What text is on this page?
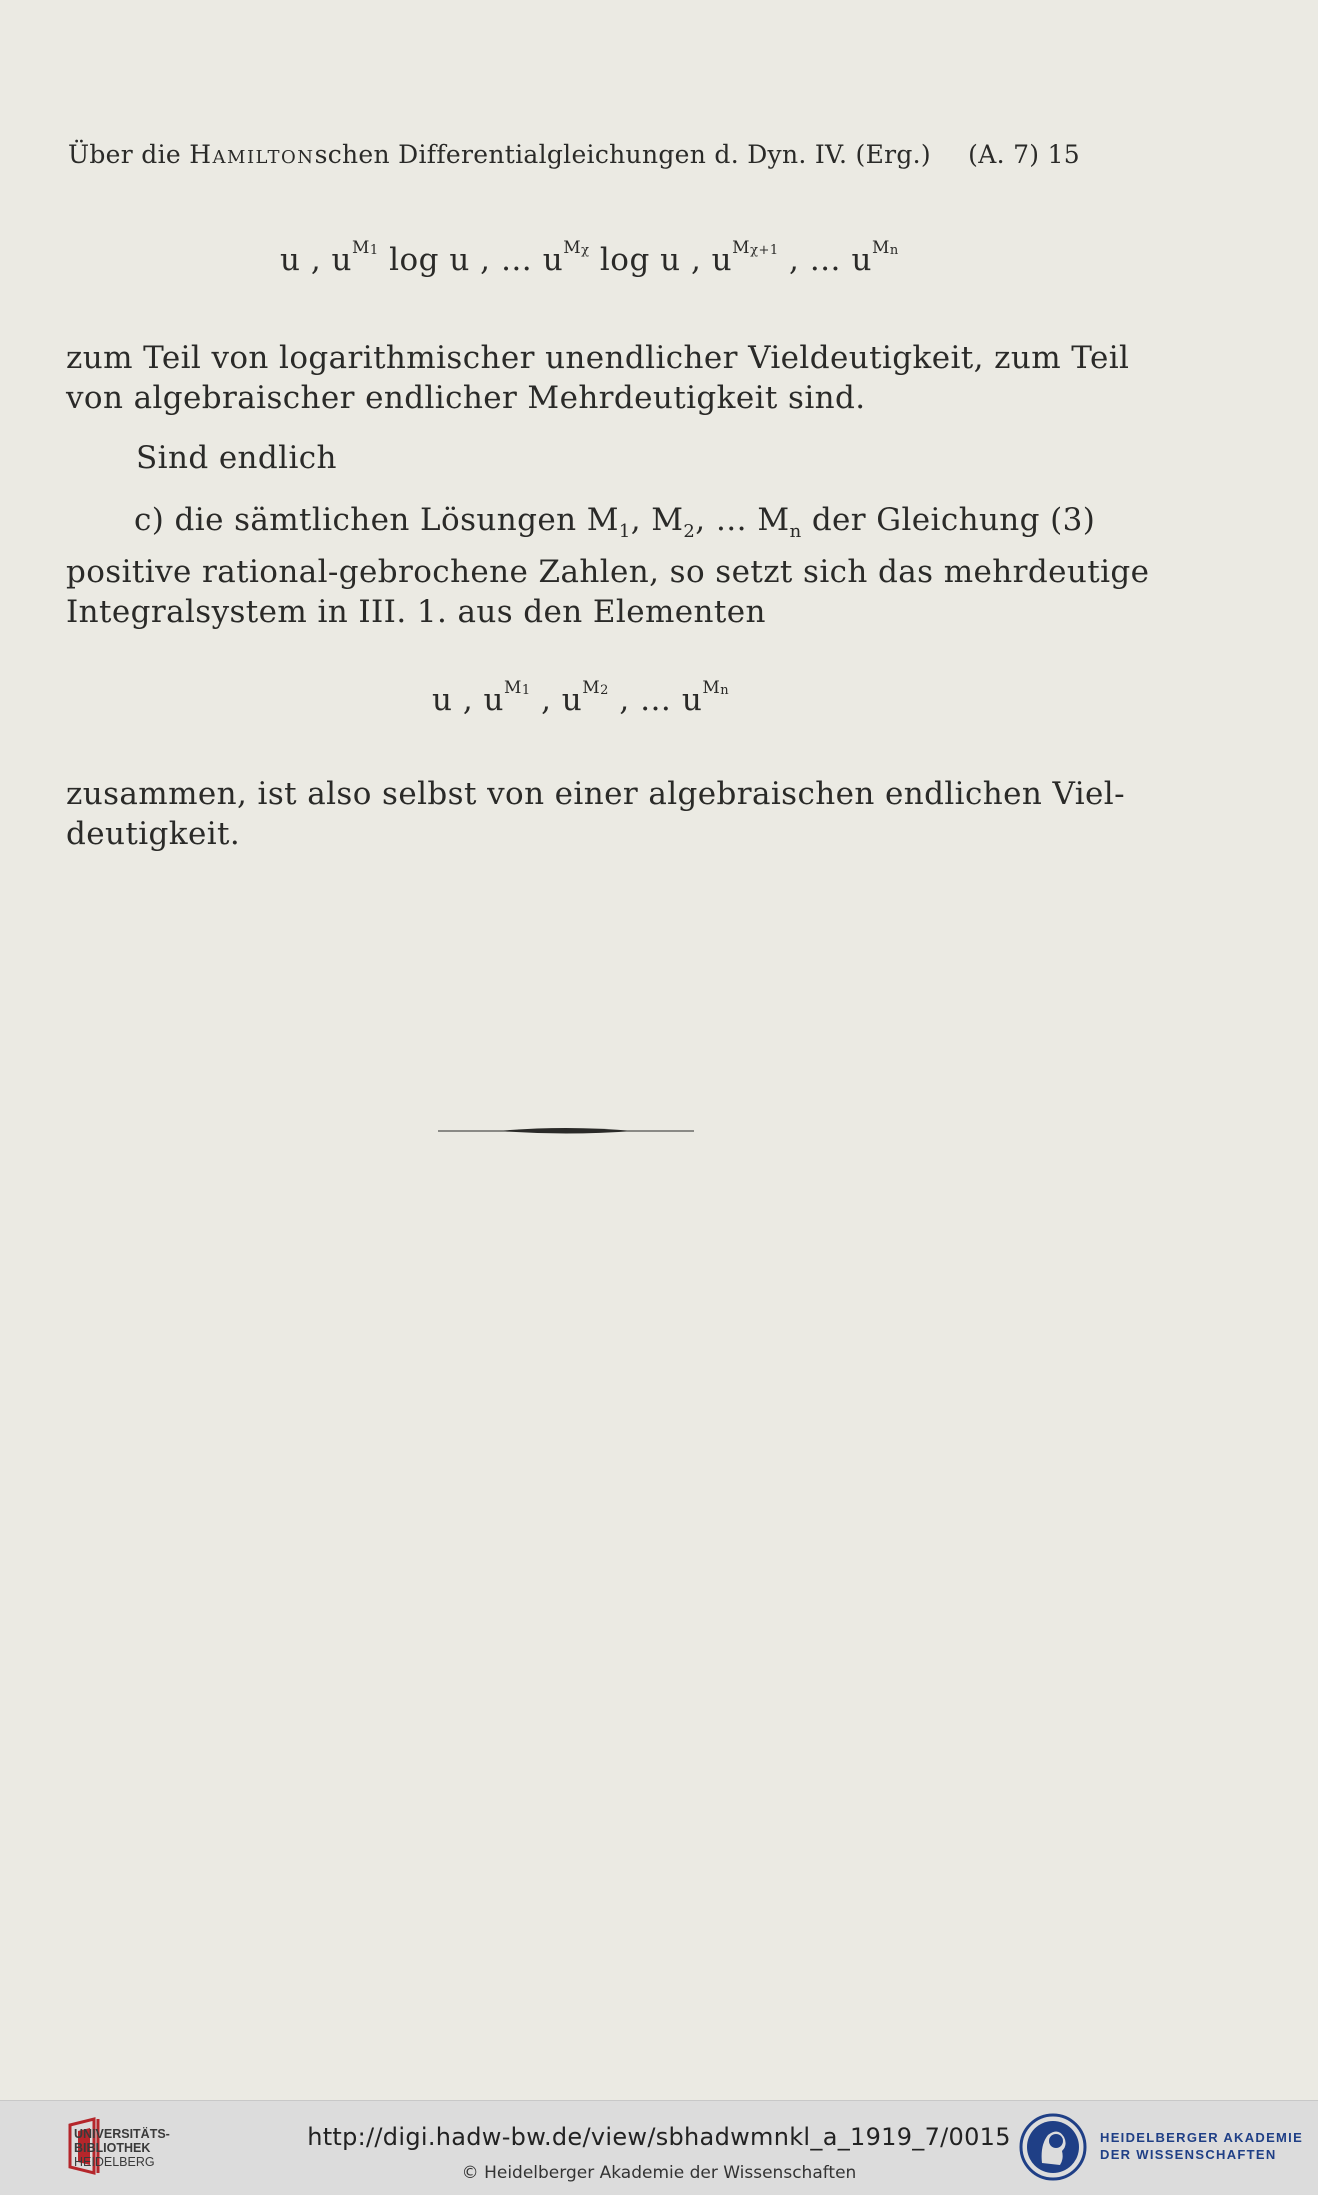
Über die Hamiltonschen Differentialgleichungen d. Dyn. IV. (Erg.) (A. 7) 15
u , $u^{M_1}$ log u , … $u^{M_\chi}$ log u , $u^{M_{\chi+1}}$ , … $u^{M_n}$
zum Teil von logarithmischer unendlicher Vieldeutigkeit, zum Teil
von algebraischer endlicher Mehrdeutigkeit sind.
Sind endlich
c) die sämtlichen Lösungen $M_1$, $M_2$, … $M_n$ der Gleichung (3)
positive rational-gebrochene Zahlen, so setzt sich das mehrdeutige
Integralsystem in III. 1. aus den Elementen
u , $u^{M_1}$ , $u^{M_2}$ , … $u^{M_n}$
zusammen, ist also selbst von einer algebraischen endlichen Viel-
deutigkeit.
UNIVERSITÄTS-
BIBLIOTHEK
HEIDELBERG
http://digi.hadw-bw.de/view/sbhadwmnkl_a_1919_7/0015
© Heidelberger Akademie der Wissenschaften
HEIDELBERGER AKADEMIE
DER WISSENSCHAFTEN
